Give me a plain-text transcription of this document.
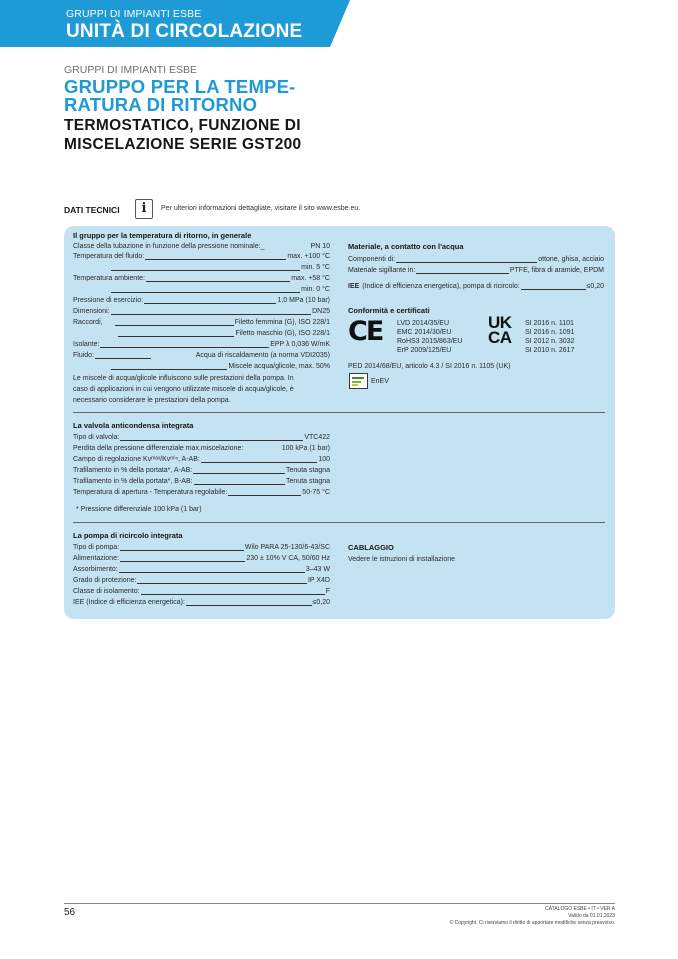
GRUPPI DI IMPIANTI ESBE
UNITÀ DI CIRCOLAZIONE
GRUPPI DI IMPIANTI ESBE
GRUPPO PER LA TEMPE-
RATURA DI RITORNO
TERMOSTATICO, FUNZIONE DI
MISCELAZIONE SERIE GST200
DATI TECNICI	i	Per ulteriori informazioni dettagliate, visitare il sito www.esbe.eu.
Il gruppo per la temperatura di ritorno, in generale
Classe della tubazione in funzione della pressione nominale:_	PN 10
Temperatura del fluido:	max. +100 °C
min. 5 °C
Temperatura ambiente:	max. +58 °C
min. 0 °C
Pressione di esercizio:	1,0 MPa (10 bar)
Dimensioni:	DN25
Raccordi,	Filetto femmina (G), ISO 228/1
Filetto maschio (G), ISO 228/1
Isolante:	EPP λ 0,036 W/mK
Fluido:	Acqua di riscaldamento (a norma VDI2035)
Miscele acqua/glicole, max. 50%
Le miscele di acqua/glicole influiscono sulle prestazioni della pompa. In
caso di applicazioni in cui vengono utilizzate miscele di acqua/glicole, è
necessario considerare le prestazioni della pompa.
Materiale, a contatto con l'acqua
Componenti di:	ottone, ghisa, acciaio
Materiale sigillante in:	PTFE, fibra di aramide, EPDM
IEE (Indice di efficienza energetica), pompa di ricircolo:	≤0,20
Conformità e certificati
CE LVD 2014/35/EU
EMC 2014/30/EU
RoHS3 2015/863/EU
ErP 2009/125/EU
UK CA
SI 2016 n. 1101
SI 2016 n. 1091
SI 2012 n. 3032
SI 2010 n. 2617
PED 2014/68/EU, articolo 4.3 / SI 2016 n. 1105 (UK)
EnEV
La valvola anticondensa integrata
Tipo di valvola:	VTC422
Perdita della pressione differenziale max.miscelazione:	100 kPa (1 bar)
Campo di regolazione Kvᵐᵃˣ/Kvᵐⁱⁿ, A-AB:	100
Trafilamento in % della portata*, A-AB:	Tenuta stagna
Trafilamento in % della portata*, B-AB:	Tenuta stagna
Temperatura di apertura - Temperatura regolabile:	50-75 °C
* Pressione differenziale 100 kPa (1 bar)
La pompa di ricircolo integrata
Tipo di pompa:	Wilo PARA 25-130/6-43/SC
Alimentazione:	230 ± 10% V CA, 50/60 Hz
Assorbimento:	3–43 W
Grado di protezione:	IP X4D
Classe di isolamento:	F
IEE (Indice di efficienza energetica):	≤0,20
CABLAGGIO
Vedere le istruzioni di installazione
56	CATALOGO ESBE • IT • VER A
Valido da 01.01.2023
© Copyright. Ci riserviamo il diritto di apportare modifiche senza preavviso.
